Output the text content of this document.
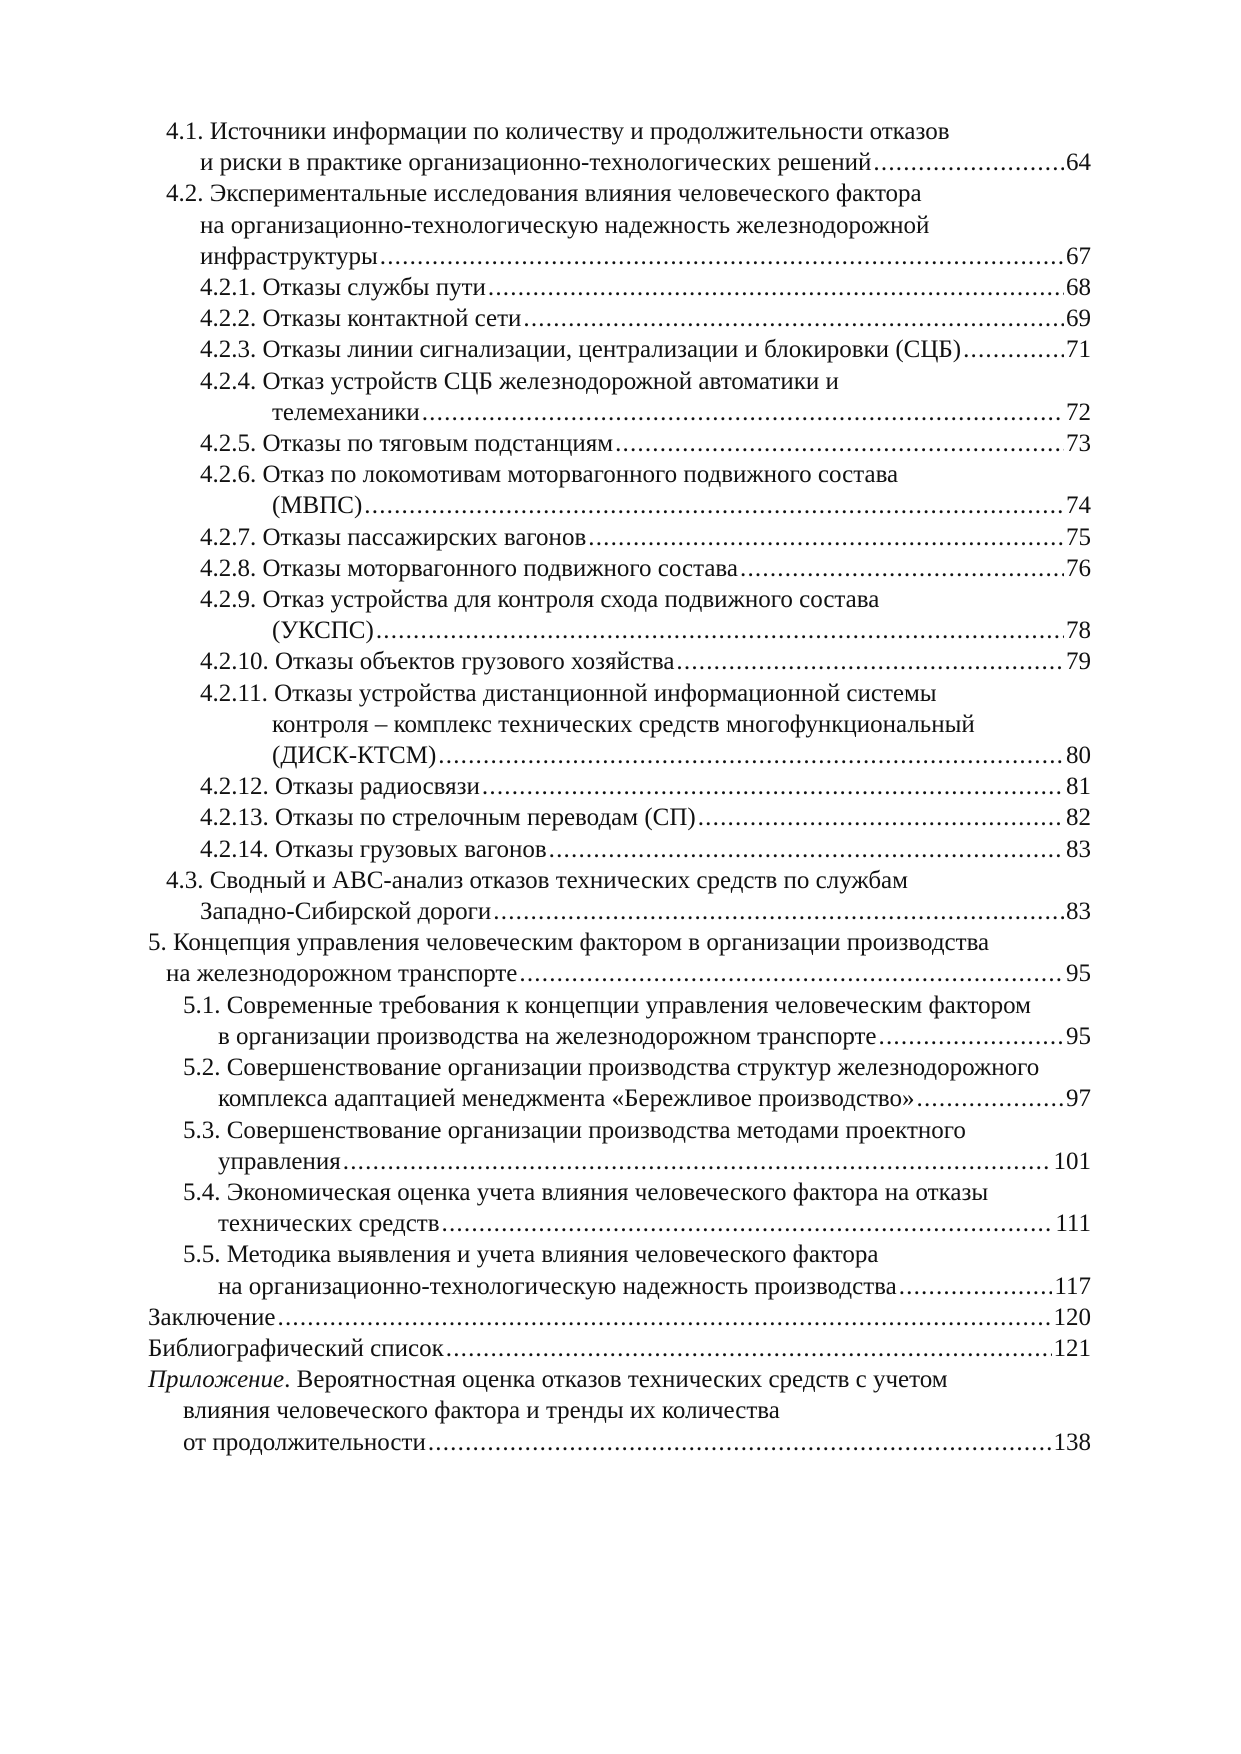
4.1. Источники информации по количеству и продолжительности отказов
и риски в практике организационно-технологических решений .....	64
4.2. Экспериментальные исследования влияния человеческого фактора
на организационно-технологическую надежность железнодорожной
инфраструктуры .....	67
4.2.1. Отказы службы пути .....	68
4.2.2. Отказы контактной сети .....	69
4.2.3. Отказы линии сигнализации, централизации и блокировки (СЦБ) .....	71
4.2.4. Отказ устройств СЦБ железнодорожной автоматики и
телемеханики .....	72
4.2.5. Отказы по тяговым подстанциям .....	73
4.2.6. Отказ по локомотивам моторвагонного подвижного состава
(МВПС) .....	74
4.2.7. Отказы пассажирских вагонов .....	75
4.2.8. Отказы моторвагонного подвижного состава .....	76
4.2.9. Отказ устройства для контроля схода подвижного состава
(УКСПС) .....	78
4.2.10. Отказы объектов грузового хозяйства .....	79
4.2.11. Отказы устройства дистанционной информационной системы
контроля – комплекс технических средств многофункциональный
(ДИСК-КТСМ) .....	80
4.2.12. Отказы радиосвязи .....	81
4.2.13. Отказы по стрелочным переводам (СП) .....	82
4.2.14. Отказы грузовых вагонов .....	83
4.3. Сводный и ABC-анализ отказов технических средств по службам
Западно-Сибирской дороги .....	83
5. Концепция управления человеческим фактором в организации производства
на железнодорожном транспорте .....	95
5.1. Современные требования к концепции управления человеческим фактором
в организации производства на железнодорожном транспорте .....	95
5.2. Совершенствование организации производства структур железнодорожного
комплекса адаптацией менеджмента «Бережливое производство» .....	97
5.3. Совершенствование организации производства методами проектного
управления .....	101
5.4. Экономическая оценка учета влияния человеческого фактора на отказы
технических средств .....	111
5.5. Методика выявления и учета влияния человеческого фактора
на организационно-технологическую надежность производства .....	117
Заключение .....	120
Библиографический список .....	121
Приложение. Вероятностная оценка отказов технических средств с учетом
влияния человеческого фактора и тренды их количества
от продолжительности .....	138
